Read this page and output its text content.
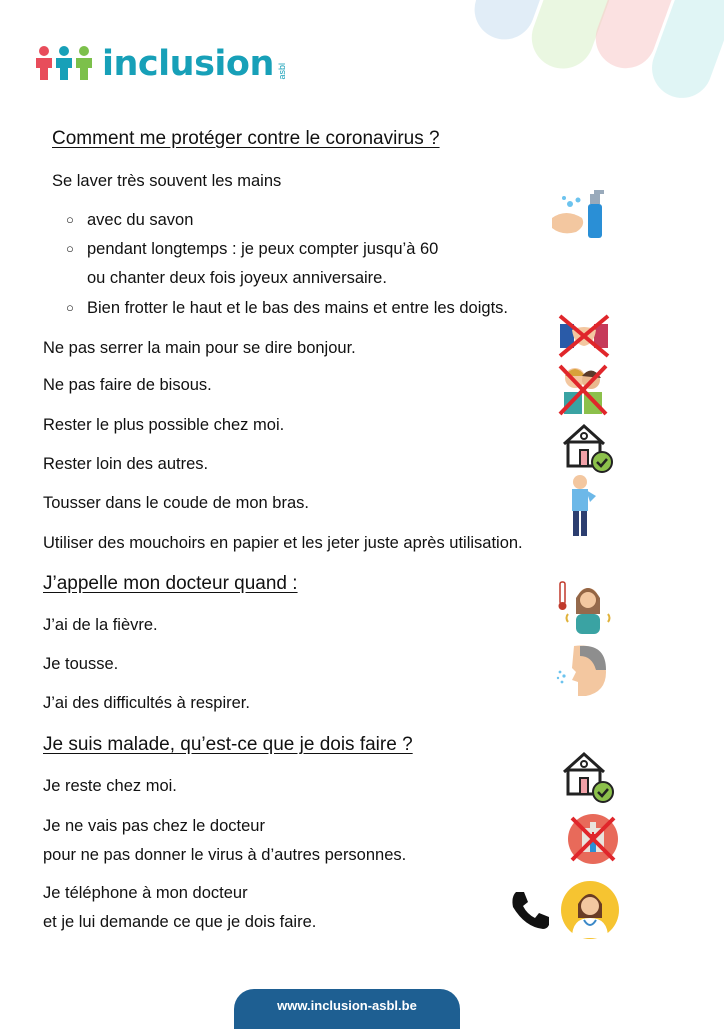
inclusion asbl
Comment me protéger contre le coronavirus ?
Se laver très souvent les mains
○ avec du savon
○ pendant longtemps : je peux compter jusqu’à 60
ou chanter deux fois joyeux anniversaire.
○ Bien frotter le haut et le bas des mains et entre les doigts.
Ne pas serrer la main pour se dire bonjour.
Ne pas faire de bisous.
Rester le plus possible chez moi.
Rester loin des autres.
Tousser dans le coude de mon bras.
Utiliser des mouchoirs en papier et les jeter juste après utilisation.
J’appelle mon docteur quand :
J’ai de la fièvre.
Je tousse.
J’ai des difficultés à respirer.
Je suis malade, qu’est-ce que je dois faire ?
Je reste chez moi.
Je ne vais pas chez le docteur
pour ne pas donner le virus à d’autres personnes.
Je téléphone à mon docteur
et je lui demande ce que je dois faire.
www.inclusion-asbl.be
